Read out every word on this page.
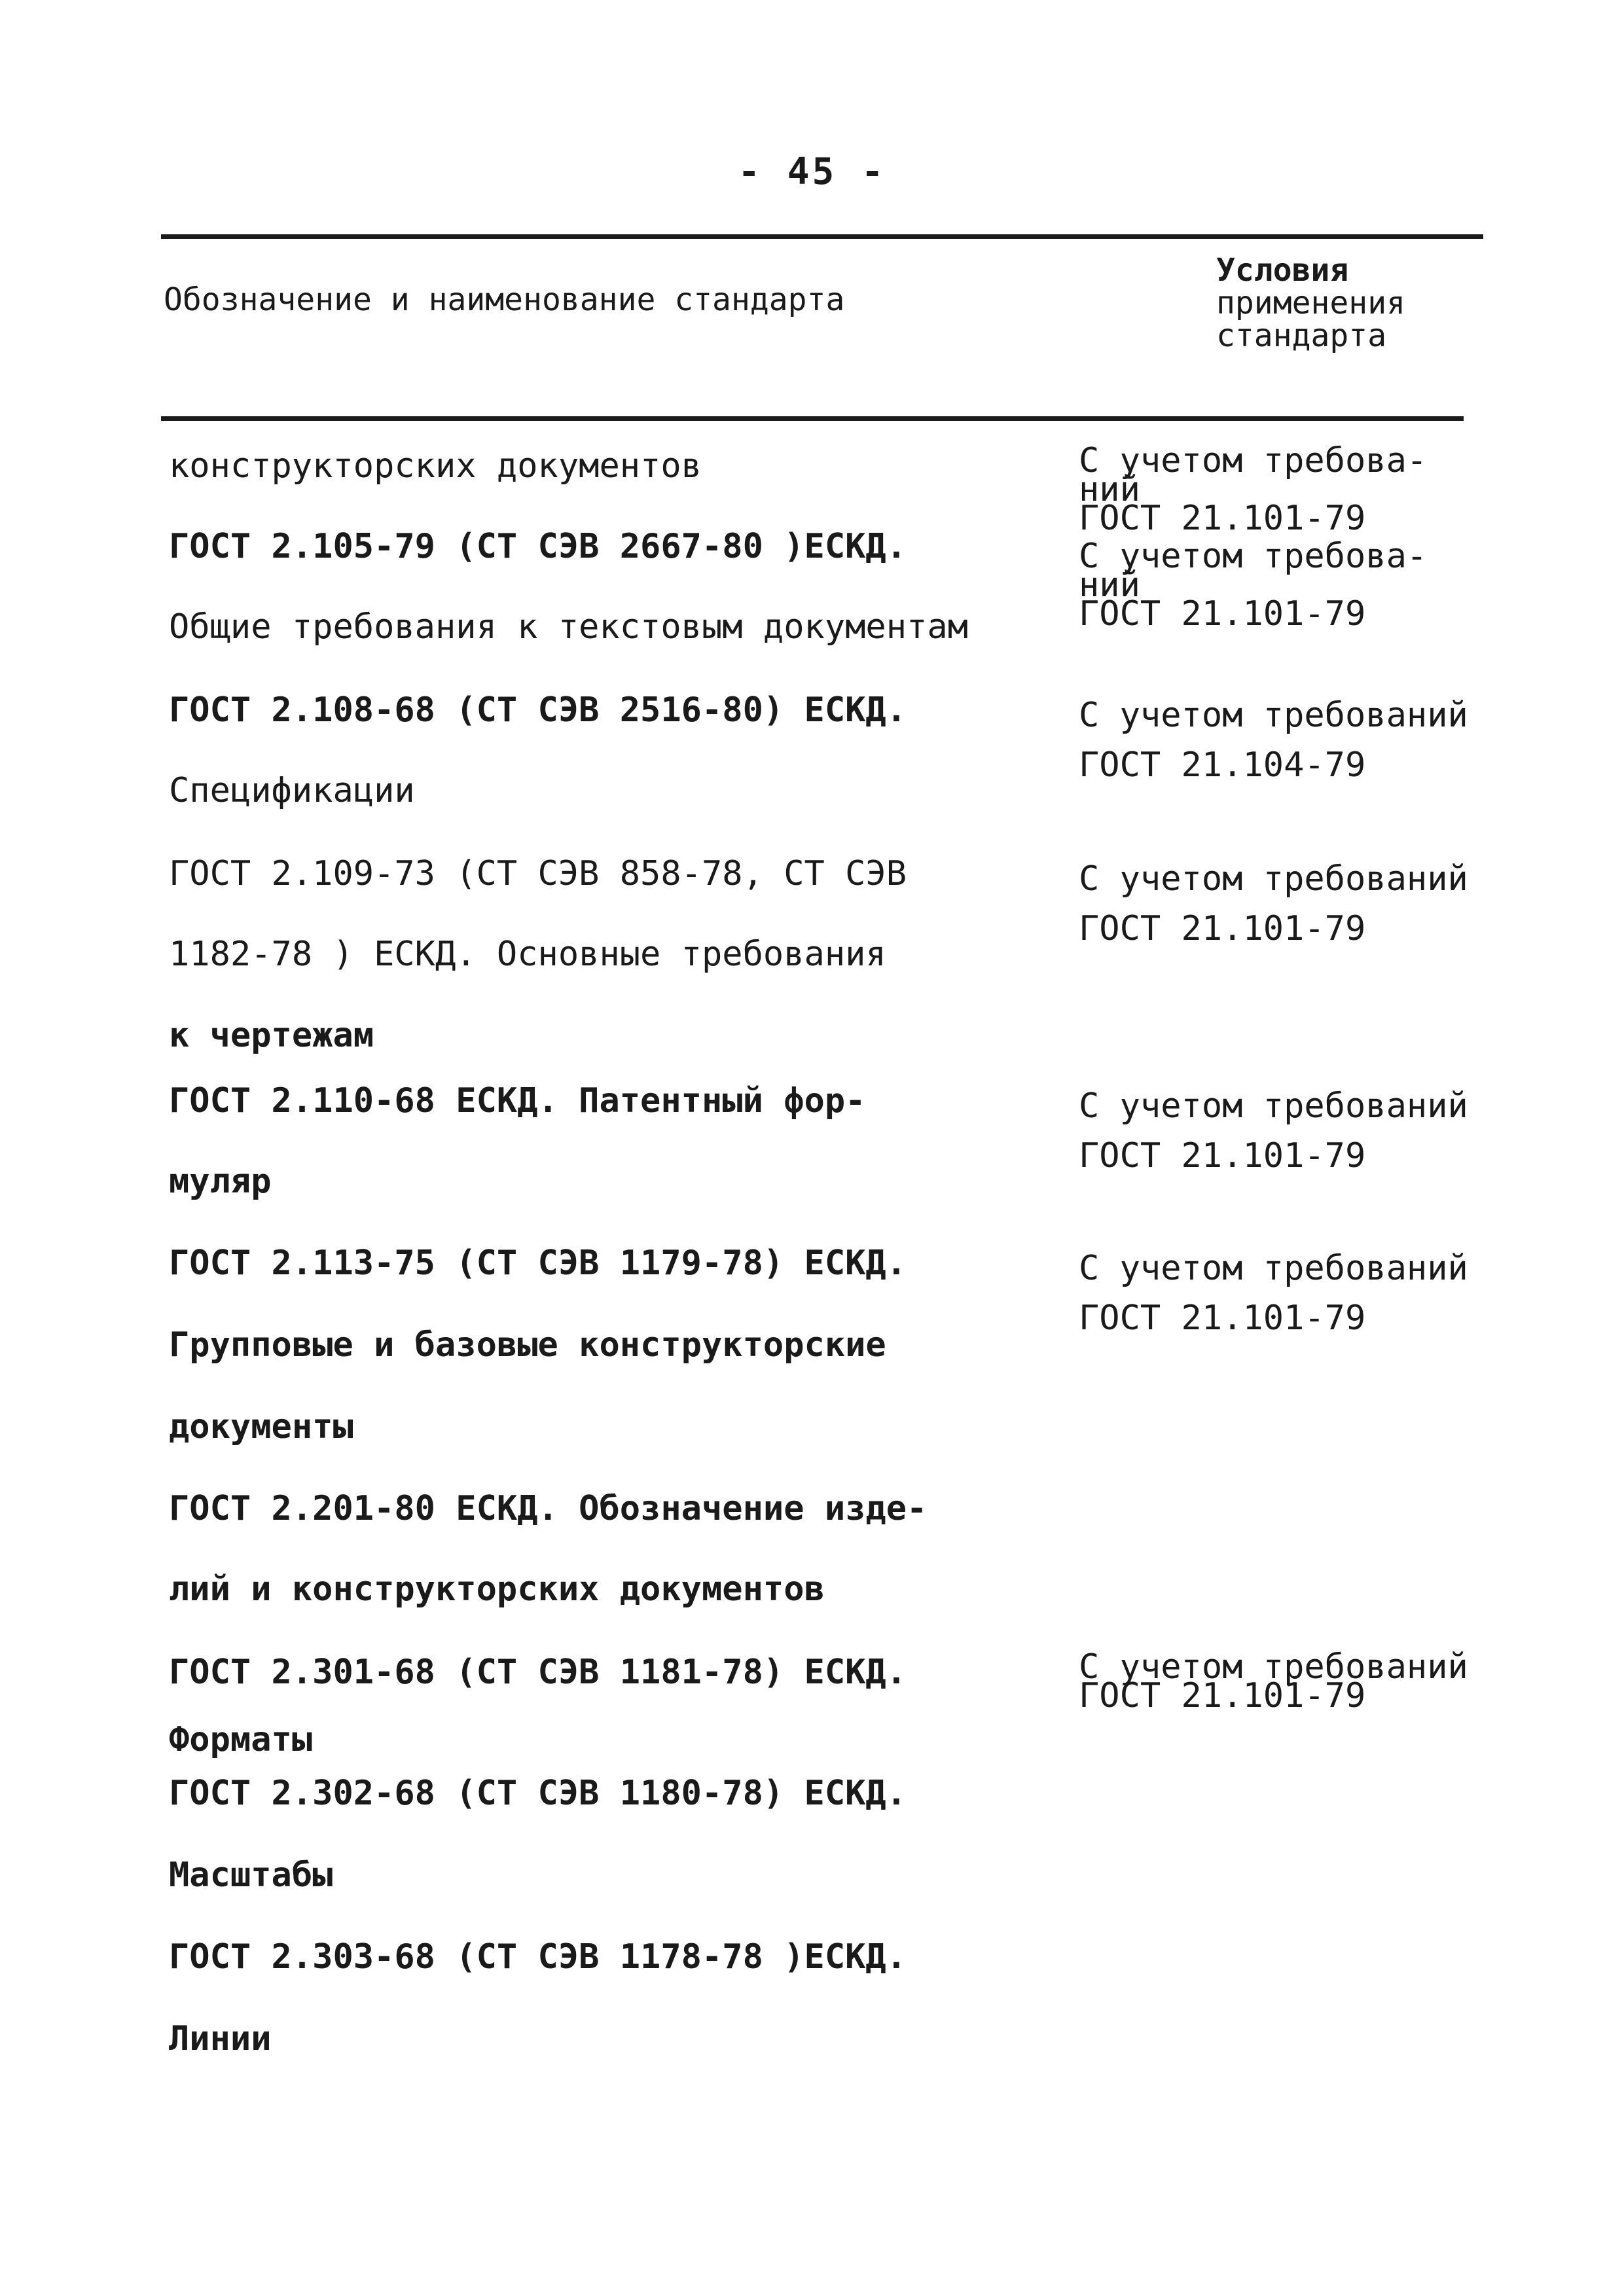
- 45 -
Обозначение и наименование стандарта
Условия
применения
стандарта
конструкторских документов
ГОСТ 2.105-79 (СТ СЭВ 2667-80 )ЕСКД.
Общие требования к текстовым документам
ГОСТ 2.108-68 (СТ СЭВ 2516-80) ЕСКД.
Спецификации
ГОСТ 2.109-73 (СТ СЭВ 858-78, СТ СЭВ
1182-78 ) ЕСКД. Основные требования
к чертежам
ГОСТ 2.110-68 ЕСКД. Патентный фор-
муляр
ГОСТ 2.113-75 (СТ СЭВ 1179-78) ЕСКД.
Групповые и базовые конструкторские
документы
ГОСТ 2.201-80 ЕСКД. Обозначение изде-
лий и конструкторских документов
ГОСТ 2.301-68 (СТ СЭВ 1181-78) ЕСКД.
Форматы
ГОСТ 2.302-68 (СТ СЭВ 1180-78) ЕСКД.
Масштабы
ГОСТ 2.303-68 (СТ СЭВ 1178-78 )ЕСКД.
Линии
С учетом требова-
ний
ГОСТ 21.101-79
С учетом требова-
ний
ГОСТ 21.101-79
С учетом требований
ГОСТ 21.104-79
С учетом требований
ГОСТ 21.101-79
С учетом требований
ГОСТ 21.101-79
С учетом требований
ГОСТ 21.101-79
С учетом требований
ГОСТ 21.101-79
